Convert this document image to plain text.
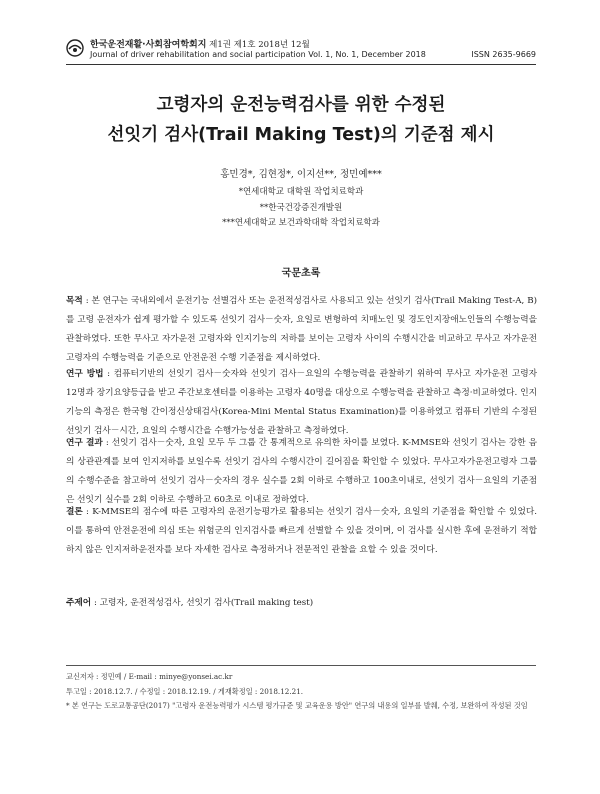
한국운전재활·사회참여학회지 제1권 제1호 2018년 12월
Journal of driver rehabilitation and social participation Vol. 1, No. 1, December 2018	ISSN 2635-9669
고령자의 운전능력검사를 위한 수정된
선잇기 검사(Trail Making Test)의 기준점 제시
홍민경*, 김현정*, 이지선**, 정민예***
*연세대학교 대학원 작업치료학과
**한국건강증진개발원
***연세대학교 보건과학대학 작업치료학과
국문초록
목적 : 본 연구는 국내외에서 운전기능 선별검사 또는 운전적성검사로 사용되고 있는 선잇기 검사(Trail Making Test-A, B)를 고령 운전자가 쉽게 평가할 수 있도록 선잇기 검사－숫자, 요일로 변형하여 치매노인 및 경도인지장애노인들의 수행능력을 관찰하였다. 또한 무사고 자가운전 고령자와 인지기능의 저하를 보이는 고령자 사이의 수행시간을 비교하고 무사고 자가운전 고령자의 수행능력을 기준으로 안전운전 수행 기준점을 제시하였다.
연구 방법 : 컴퓨터기반의 선잇기 검사－숫자와 선잇기 검사－요일의 수행능력을 관찰하기 위하여 무사고 자가운전 고령자 12명과 장기요양등급을 받고 주간보호센터를 이용하는 고령자 40명을 대상으로 수행능력을 관찰하고 측정·비교하였다. 인지기능의 측정은 한국형 간이정신상태검사(Korea-Mini Mental Status Examination)를 이용하였고 컴퓨터 기반의 수정된 선잇기 검사－시간, 요일의 수행시간을 수행가능성을 관찰하고 측정하였다.
연구 결과 : 선잇기 검사－숫자, 요일 모두 두 그룹 간 통계적으로 유의한 차이를 보였다. K-MMSE와 선잇기 검사는 강한 음의 상관관계를 보여 인지저하를 보일수록 선잇기 검사의 수행시간이 길어짐을 확인할 수 있었다. 무사고자가운전고령자 그룹의 수행수준을 참고하여 선잇기 검사－숫자의 경우 실수를 2회 이하로 수행하고 100초이내로, 선잇기 검사－요일의 기준점은 선잇기 실수를 2회 이하로 수행하고 60초로 이내로 정하였다.
결론 : K-MMSE의 점수에 따른 고령자의 운전기능평가로 활용되는 선잇기 검사－숫자, 요일의 기준점을 확인할 수 있었다. 이를 통하여 안전운전에 의심 또는 위험군의 인지검사를 빠르게 선별할 수 있을 것이며, 이 검사를 실시한 후에 운전하기 적합하지 않은 인지저하운전자를 보다 자세한 검사로 측정하거나 전문적인 관찰을 요할 수 있을 것이다.
주제어 : 고령자, 운전적성검사, 선잇기 검사(Trail making test)
교신저자 : 정민예 / E-mail : minye@yonsei.ac.kr
투고일 : 2018.12.7. / 수정일 : 2018.12.19. / 게재확정일 : 2018.12.21.
* 본 연구는 도로교통공단(2017) "고령자 운전능력평가 시스템 평가규준 및 교육운용 방안" 연구의 내용의 일부를 발췌, 수정, 보완하여 작성된 것임
